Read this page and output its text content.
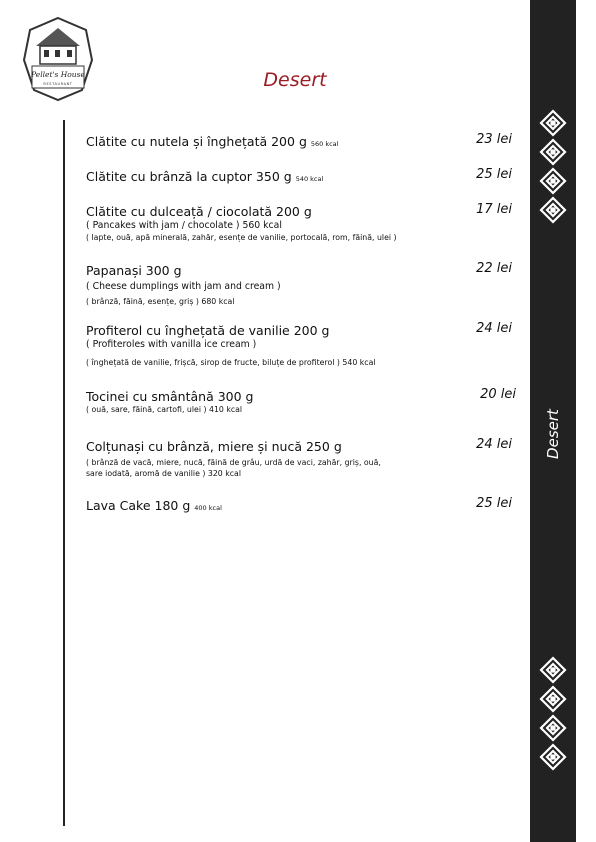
Pellet's House
RESTAURANT	Desert
Desert
Clătite cu nutela și înghețată 200 g 560 kcal	23 lei
Clătite cu brânză la cuptor 350 g 540 kcal	25 lei
Clătite cu dulceață / ciocolată 200 g	17 lei
( Pancakes with jam / chocolate ) 560 kcal
( lapte, ouă, apă minerală, zahăr, esențe de vanilie, portocală, rom, făină, ulei )
Papanași 300 g	22 lei
( Cheese dumplings with jam and cream )
( brânză, făină, esențe, griș ) 680 kcal
Profiterol cu înghețată de vanilie 200 g	24 lei
( Profiteroles with vanilla ice cream )
( înghețată de vanilie, frișcă, sirop de fructe, biluțe de profiterol ) 540 kcal
Tocinei cu smântână 300 g	20 lei
( ouă, sare, făină, cartofi, ulei ) 410 kcal
Colțunași cu brânză, miere și nucă 250 g	24 lei
( brânză de vacă, miere, nucă, făină de grâu, urdă de vaci, zahăr, griș, ouă,
sare iodată, aromă de vanilie ) 320 kcal
Lava Cake 180 g 400 kcal	25 lei
